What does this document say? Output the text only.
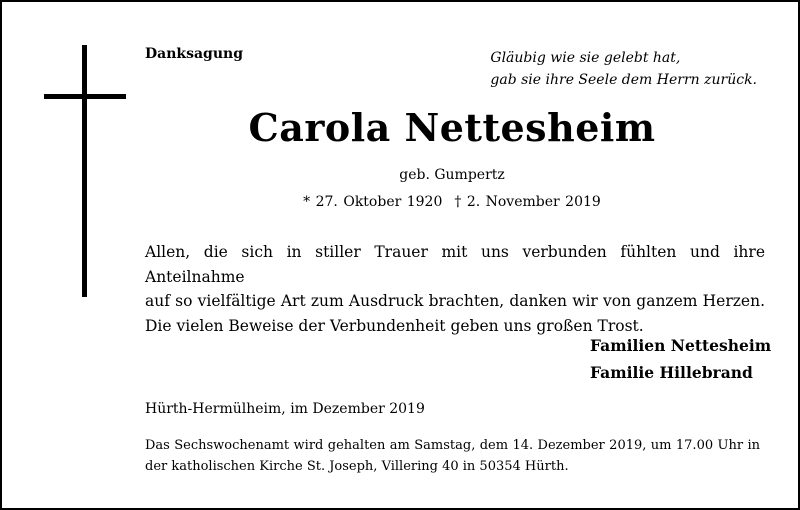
Danksagung	Gläubig wie sie gelebt hat,
gab sie ihre Seele dem Herrn zurück.
Carola Nettesheim
geb. Gumpertz
* 27. Oktober 1920 † 2. November 2019
Allen, die sich in stiller Trauer mit uns verbunden fühlten und ihre Anteilnahme
auf so vielfältige Art zum Ausdruck brachten, danken wir von ganzem Herzen.
Die vielen Beweise der Verbundenheit geben uns großen Trost.
Familien Nettesheim
Familie Hillebrand
Hürth-Hermülheim, im Dezember 2019
Das Sechswochenamt wird gehalten am Samstag, dem 14. Dezember 2019, um 17.00 Uhr in
der katholischen Kirche St. Joseph, Villering 40 in 50354 Hürth.
